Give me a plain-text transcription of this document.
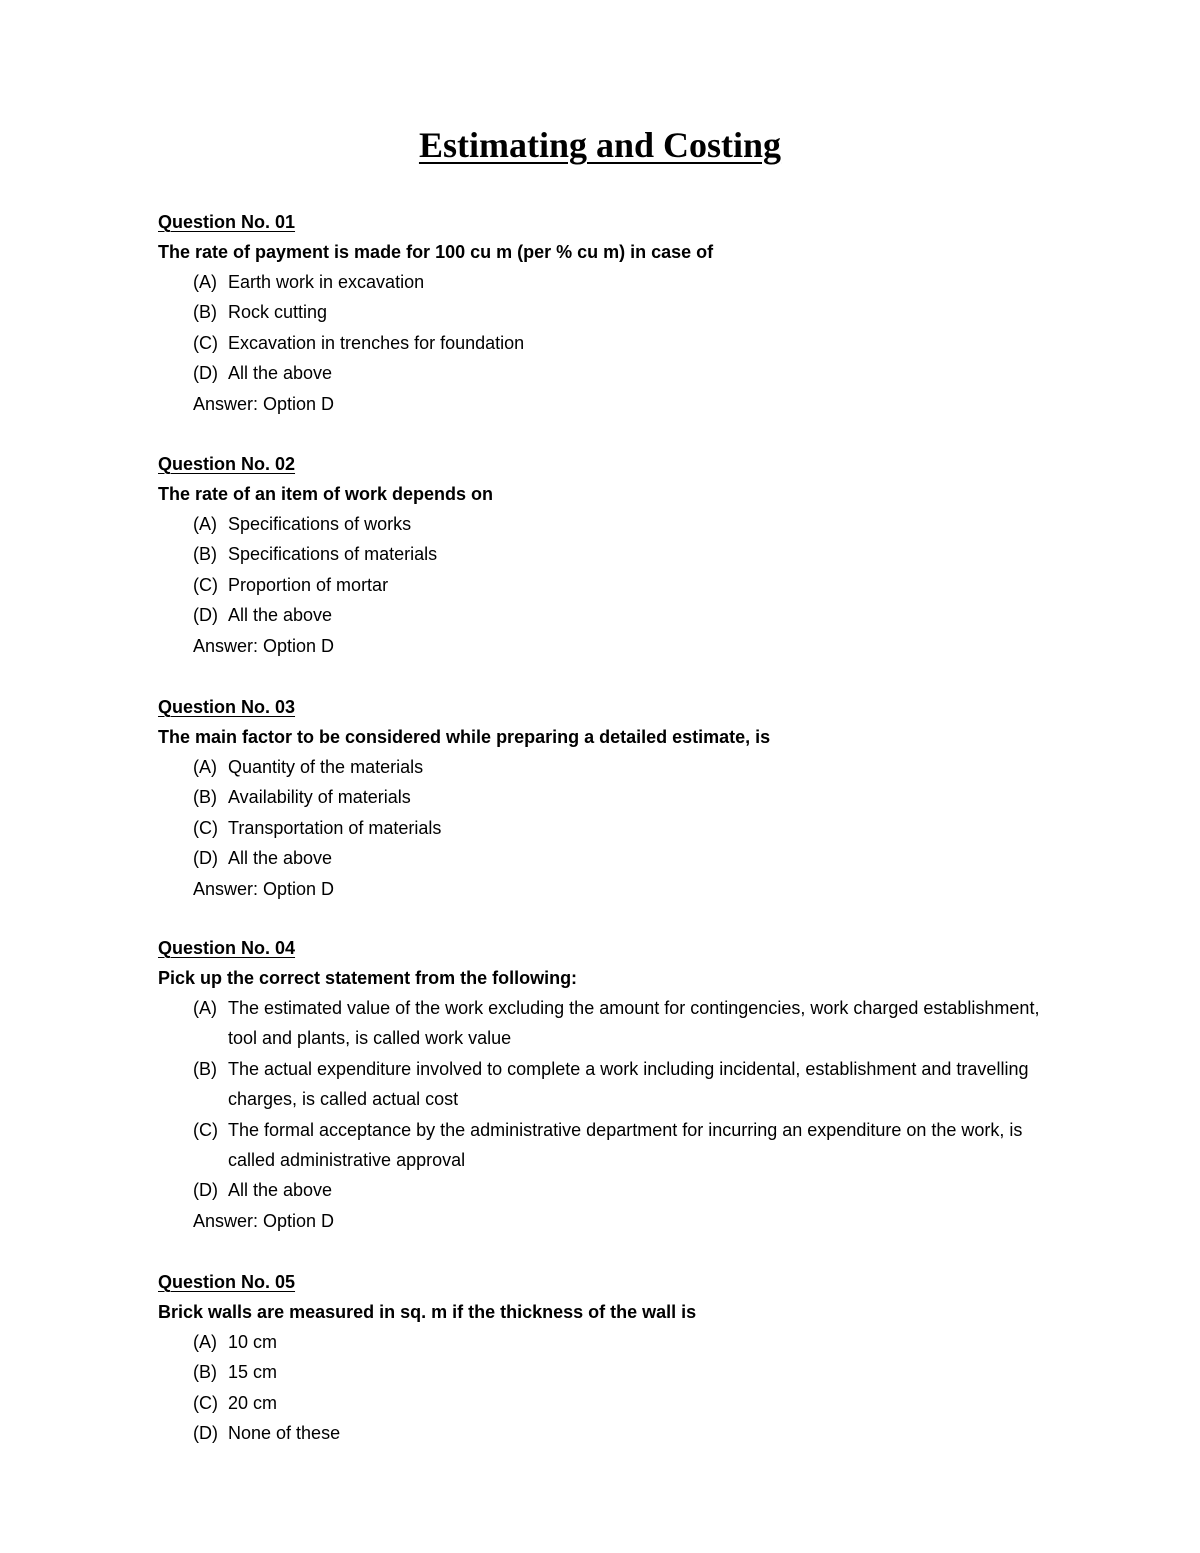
Estimating and Costing

Question No. 01

The rate of payment is made for 100 cu m (per % cu m) in case of

(A) Earth work in excavation
(B) Rock cutting
(C) Excavation in trenches for foundation
(D) All the above
Answer: Option D

Question No. 02

The rate of an item of work depends on

(A) Specifications of works
(B) Specifications of materials
(C) Proportion of mortar
(D) All the above
Answer: Option D

Question No. 03

The main factor to be considered while preparing a detailed estimate, is

(A) Quantity of the materials
(B) Availability of materials
(C) Transportation of materials
(D) All the above
Answer: Option D

Question No. 04

Pick up the correct statement from the following:

(A) The estimated value of the work excluding the amount for contingencies, work charged establishment, tool and plants, is called work value
(B) The actual expenditure involved to complete a work including incidental, establishment and travelling charges, is called actual cost
(C) The formal acceptance by the administrative department for incurring an expenditure on the work, is called administrative approval
(D) All the above
Answer: Option D

Question No. 05

Brick walls are measured in sq. m if the thickness of the wall is

(A) 10 cm
(B) 15 cm
(C) 20 cm
(D) None of these
